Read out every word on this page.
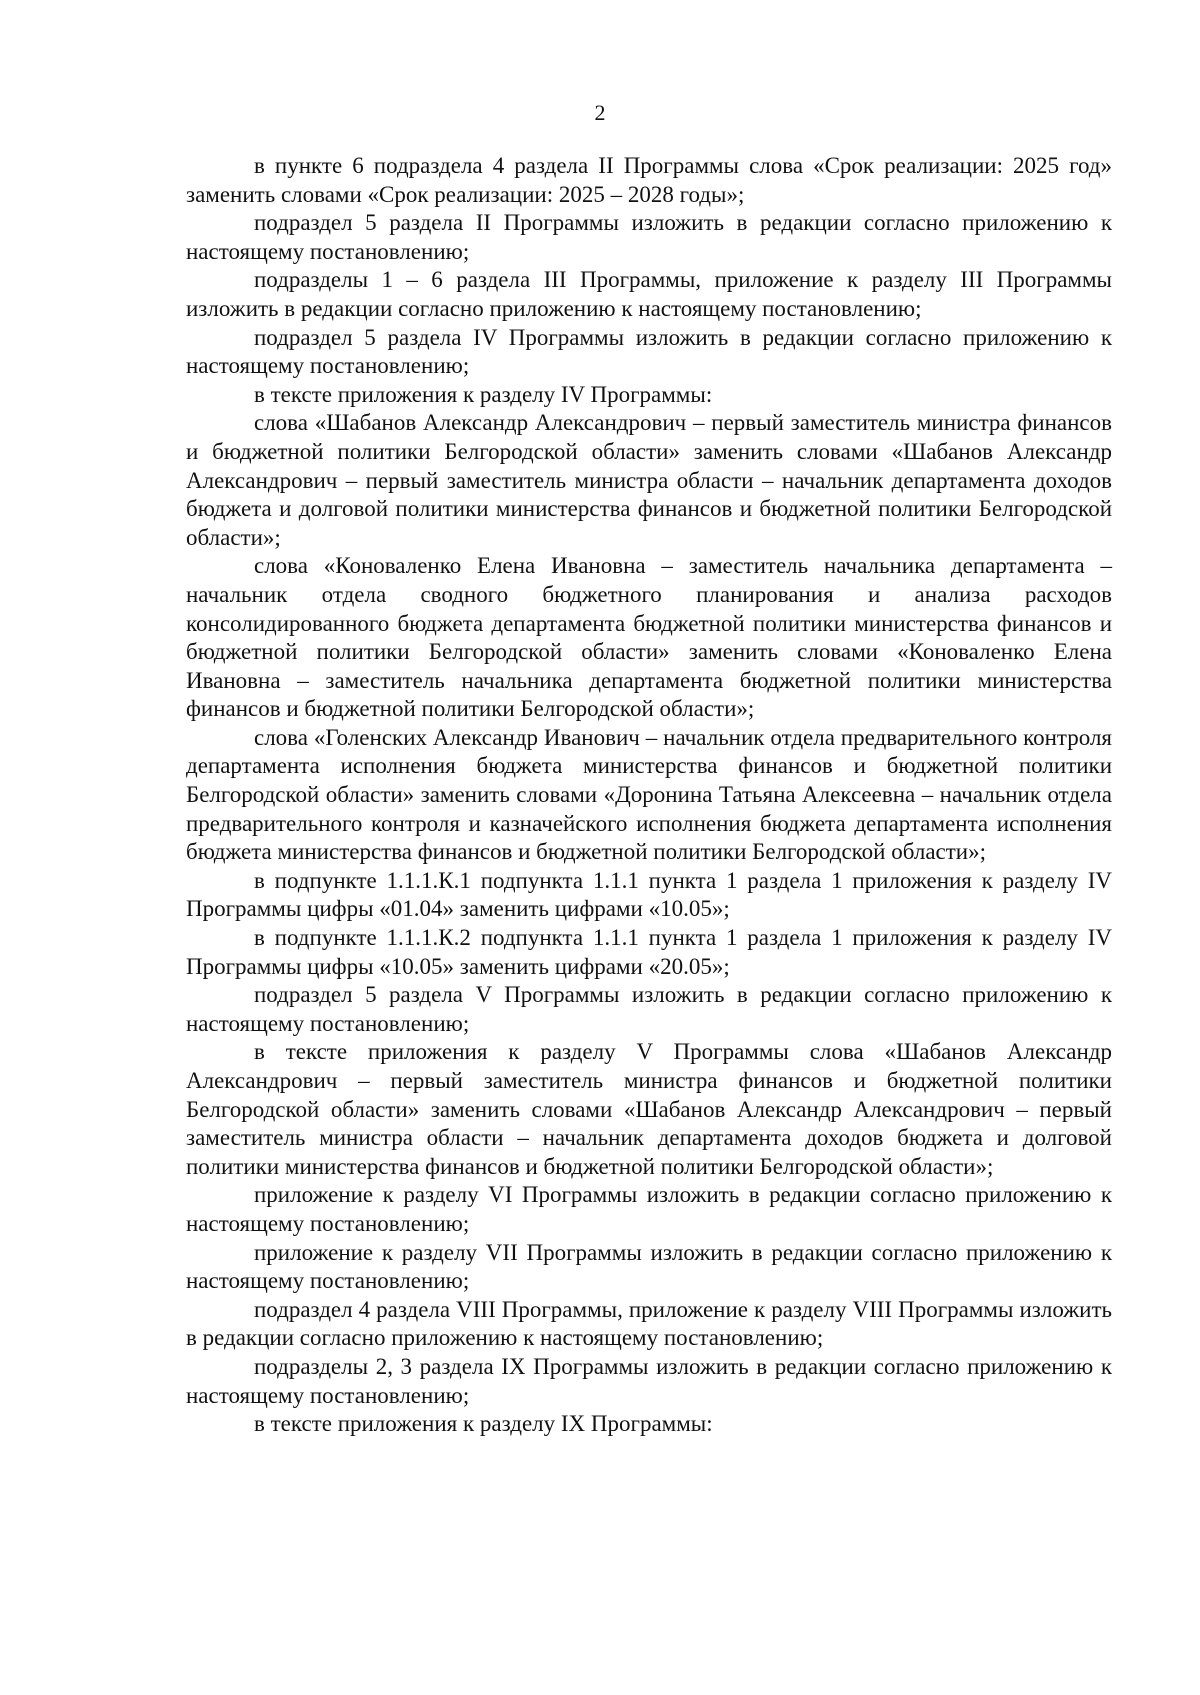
2

в пункте 6 подраздела 4 раздела II Программы слова «Срок реализации: 2025 год» заменить словами «Срок реализации: 2025 – 2028 годы»;

подраздел 5 раздела II Программы изложить в редакции согласно приложению к настоящему постановлению;

подразделы 1 – 6 раздела III Программы, приложение к разделу III Программы изложить в редакции согласно приложению к настоящему постановлению;

подраздел 5 раздела IV Программы изложить в редакции согласно приложению к настоящему постановлению;

в тексте приложения к разделу IV Программы:

слова «Шабанов Александр Александрович – первый заместитель министра финансов и бюджетной политики Белгородской области» заменить словами «Шабанов Александр Александрович – первый заместитель министра области – начальник департамента доходов бюджета и долговой политики министерства финансов и бюджетной политики Белгородской области»;

слова «Коноваленко Елена Ивановна – заместитель начальника департамента – начальник отдела сводного бюджетного планирования и анализа расходов консолидированного бюджета департамента бюджетной политики министерства финансов и бюджетной политики Белгородской области» заменить словами «Коноваленко Елена Ивановна – заместитель начальника департамента бюджетной политики министерства финансов и бюджетной политики Белгородской области»;

слова «Голенских Александр Иванович – начальник отдела предварительного контроля департамента исполнения бюджета министерства финансов и бюджетной политики Белгородской области» заменить словами «Доронина Татьяна Алексеевна – начальник отдела предварительного контроля и казначейского исполнения бюджета департамента исполнения бюджета министерства финансов и бюджетной политики Белгородской области»;

в подпункте 1.1.1.К.1 подпункта 1.1.1 пункта 1 раздела 1 приложения к разделу IV Программы цифры «01.04» заменить цифрами «10.05»;

в подпункте 1.1.1.К.2 подпункта 1.1.1 пункта 1 раздела 1 приложения к разделу IV Программы цифры «10.05» заменить цифрами «20.05»;

подраздел 5 раздела V Программы изложить в редакции согласно приложению к настоящему постановлению;

в тексте приложения к разделу V Программы слова «Шабанов Александр Александрович – первый заместитель министра финансов и бюджетной политики Белгородской области» заменить словами «Шабанов Александр Александрович – первый заместитель министра области – начальник департамента доходов бюджета и долговой политики министерства финансов и бюджетной политики Белгородской области»;

приложение к разделу VI Программы изложить в редакции согласно приложению к настоящему постановлению;

приложение к разделу VII Программы изложить в редакции согласно приложению к настоящему постановлению;

подраздел 4 раздела VIII Программы, приложение к разделу VIII Программы изложить в редакции согласно приложению к настоящему постановлению;

подразделы 2, 3 раздела IX Программы изложить в редакции согласно приложению к настоящему постановлению;

в тексте приложения к разделу IX Программы:
